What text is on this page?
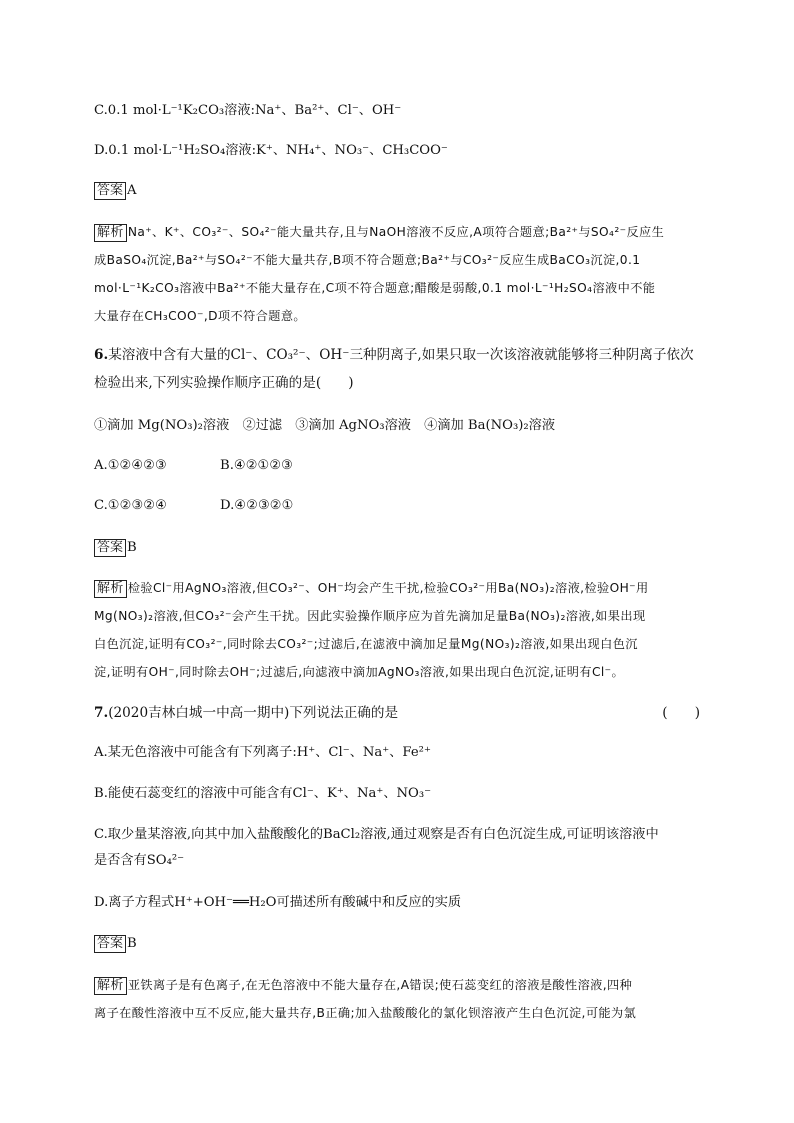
C.0.1 mol·L⁻¹K₂CO₃溶液:Na⁺、Ba²⁺、Cl⁻、OH⁻
D.0.1 mol·L⁻¹H₂SO₄溶液:K⁺、NH₄⁺、NO₃⁻、CH₃COO⁻
答案 A
解析 Na⁺、K⁺、CO₃²⁻、SO₄²⁻能大量共存,且与NaOH溶液不反应,A项符合题意;Ba²⁺与SO₄²⁻反应生
成BaSO₄沉淀,Ba²⁺与SO₄²⁻不能大量共存,B项不符合题意;Ba²⁺与CO₃²⁻反应生成BaCO₃沉淀,0.1
mol·L⁻¹K₂CO₃溶液中Ba²⁺不能大量存在,C项不符合题意;醋酸是弱酸,0.1 mol·L⁻¹H₂SO₄溶液中不能
大量存在CH₃COO⁻,D项不符合题意。
6.某溶液中含有大量的Cl⁻、CO₃²⁻、OH⁻三种阴离子,如果只取一次该溶液就能够将三种阴离子依次
检验出来,下列实验操作顺序正确的是(　　)
①滴加 Mg(NO₃)₂溶液　②过滤　③滴加 AgNO₃溶液　④滴加 Ba(NO₃)₂溶液
A.①②④②③	B.④②①②③
C.①②③②④	D.④②③②①
答案 B
解析 检验Cl⁻用AgNO₃溶液,但CO₃²⁻、OH⁻均会产生干扰,检验CO₃²⁻用Ba(NO₃)₂溶液,检验OH⁻用
Mg(NO₃)₂溶液,但CO₃²⁻会产生干扰。因此实验操作顺序应为首先滴加足量Ba(NO₃)₂溶液,如果出现
白色沉淀,证明有CO₃²⁻,同时除去CO₃²⁻;过滤后,在滤液中滴加足量Mg(NO₃)₂溶液,如果出现白色沉
淀,证明有OH⁻,同时除去OH⁻;过滤后,向滤液中滴加AgNO₃溶液,如果出现白色沉淀,证明有Cl⁻。
7.(2020吉林白城一中高一期中)下列说法正确的是	(　　)
A.某无色溶液中可能含有下列离子:H⁺、Cl⁻、Na⁺、Fe²⁺
B.能使石蕊变红的溶液中可能含有Cl⁻、K⁺、Na⁺、NO₃⁻
C.取少量某溶液,向其中加入盐酸酸化的BaCl₂溶液,通过观察是否有白色沉淀生成,可证明该溶液中
是否含有SO₄²⁻
D.离子方程式H⁺+OH⁻══H₂O可描述所有酸碱中和反应的实质
答案 B
解析 亚铁离子是有色离子,在无色溶液中不能大量存在,A错误;使石蕊变红的溶液是酸性溶液,四种
离子在酸性溶液中互不反应,能大量共存,B正确;加入盐酸酸化的氯化钡溶液产生白色沉淀,可能为氯
